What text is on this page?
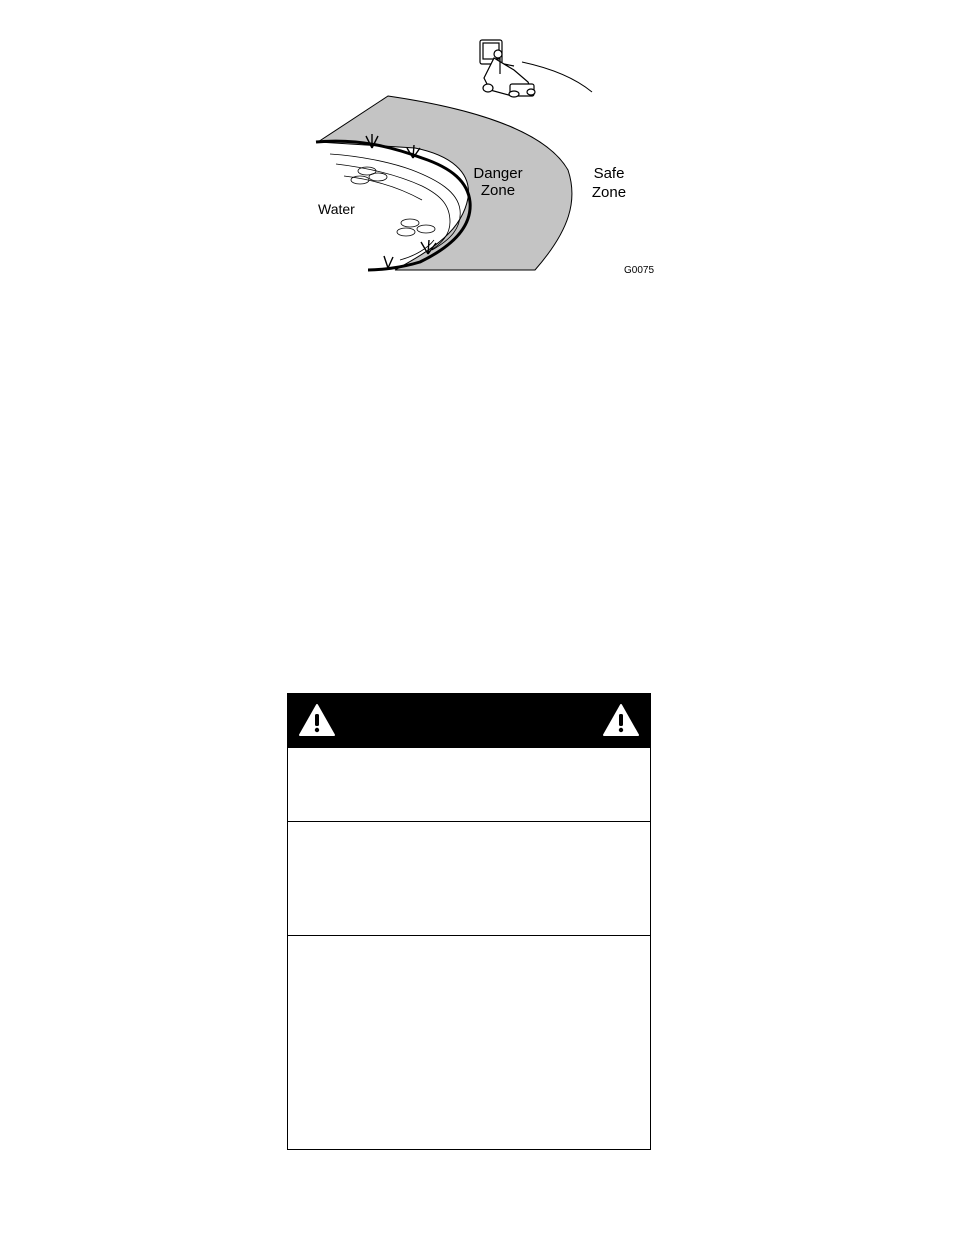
Water
Danger
Zone
Safe
Zone
G0075
